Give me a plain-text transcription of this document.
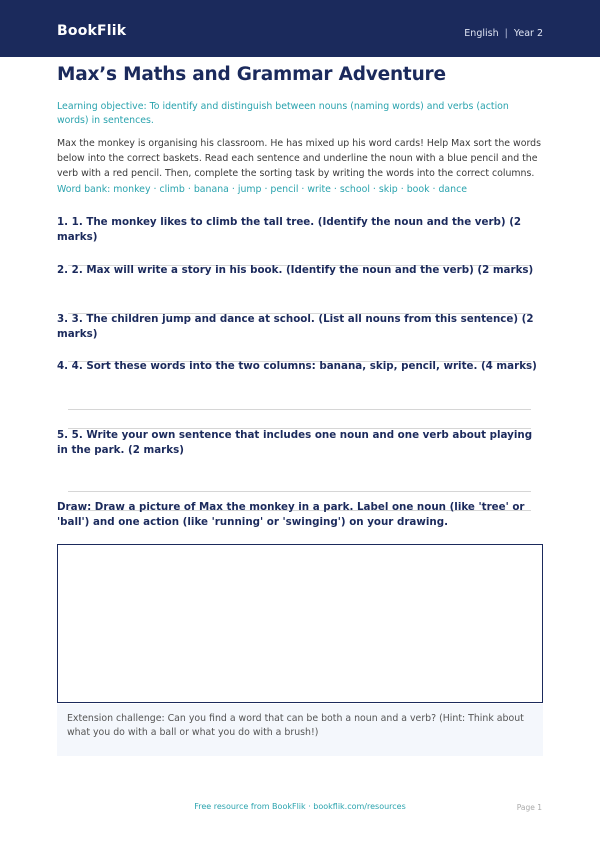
BookFlik	English | Year 2
Max’s Maths and Grammar Adventure

Learning objective: To identify and distinguish between nouns (naming words) and verbs (action words) in sentences.

Max the monkey is organising his classroom. He has mixed up his word cards! Help Max sort the words below into the correct baskets. Read each sentence and underline the noun with a blue pencil and the verb with a red pencil. Then, complete the sorting task by writing the words into the correct columns.

Word bank: monkey · climb · banana · jump · pencil · write · school · skip · book · dance

1. 1. The monkey likes to climb the tall tree. (Identify the noun and the verb) (2 marks)

2. 2. Max will write a story in his book. (Identify the noun and the verb) (2 marks)

3. 3. The children jump and dance at school. (List all nouns from this sentence) (2 marks)

4. 4. Sort these words into the two columns: banana, skip, pencil, write. (4 marks)

5. 5. Write your own sentence that includes one noun and one verb about playing in the park. (2 marks)

Draw: Draw a picture of Max the monkey in a park. Label one noun (like 'tree' or 'ball') and one action (like 'running' or 'swinging') on your drawing.

Extension challenge: Can you find a word that can be both a noun and a verb? (Hint: Think about what you do with a ball or what you do with a brush!)

Free resource from BookFlik · bookflik.com/resources	Page 1
